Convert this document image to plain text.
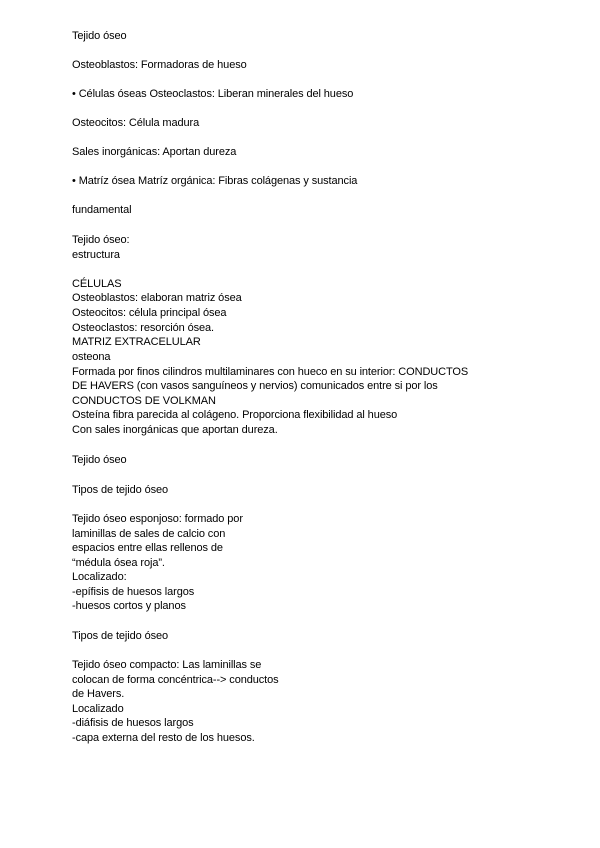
Tejido óseo
Osteoblastos: Formadoras de hueso
• Células óseas Osteoclastos: Liberan minerales del hueso
Osteocitos: Célula madura
Sales inorgánicas: Aportan dureza
• Matríz ósea Matríz orgánica: Fibras colágenas y sustancia
fundamental
Tejido óseo:
estructura
CÉLULAS
Osteoblastos: elaboran matriz ósea
Osteocitos: célula principal ósea
Osteoclastos: resorción ósea.
MATRIZ EXTRACELULAR
osteona
Formada por finos cilindros multilaminares con hueco en su interior: CONDUCTOS
DE HAVERS (con vasos sanguíneos y nervios) comunicados entre si por los
CONDUCTOS DE VOLKMAN
Osteína fibra parecida al colágeno. Proporciona flexibilidad al hueso
Con sales inorgánicas que aportan dureza.
Tejido óseo
Tipos de tejido óseo
Tejido óseo esponjoso: formado por
laminillas de sales de calcio con
espacios entre ellas rellenos de
“médula ósea roja”.
Localizado:
-epífisis de huesos largos
-huesos cortos y planos
Tipos de tejido óseo
Tejido óseo compacto: Las laminillas se
colocan de forma concéntrica--> conductos
de Havers.
Localizado
-diáfisis de huesos largos
-capa externa del resto de los huesos.
